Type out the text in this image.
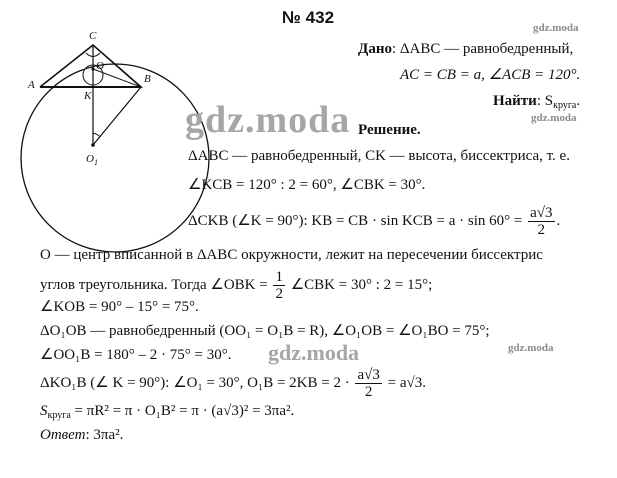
№ 432
gdz.moda
gdz.moda
gdz.moda
C
O
A	B
K
$O_1$
Дано: ΔABC — равнобедренный,
AC = CB = a, ∠ACB = 120°.
Найти: $S_{круга}$.
gdz.moda Решение.
ΔABC — равнобедренный, CK — высота, биссектриса, т. е.
∠KCB = 120° : 2 = 60°, ∠CBK = 30°.
ΔCKB (∠K = 90°): KB = CB · sin KCB = $a \cdot \sin 60^\circ = \frac{a√3}{2}$ .
O — центр вписанной в ΔABC окружности, лежит на пересечении биссектрис
углов треугольника. Тогда ∠OBK = $\frac{1}{2}$ ∠CBK = 30° : 2 = 15°;
∠KOB = 90° – 15° = 75°.
ΔO₁OB — равнобедренный (OO₁ = O₁B = R), ∠O₁OB = ∠O₁BO = 75°;
∠OO₁B = 180° – 2 · 75° = 30°. gdz.moda
ΔKO₁B (∠ K = 90°): ∠O₁ = 30°, $O_1B = 2KB = 2 \cdot \frac{a√3}{2} = a√3$.
$S_{круга} = \pi R^2 = \pi \cdot O_1B^2 = \pi \cdot (a√3)^2 = 3\pi a^2$.
Ответ: 3πa².
